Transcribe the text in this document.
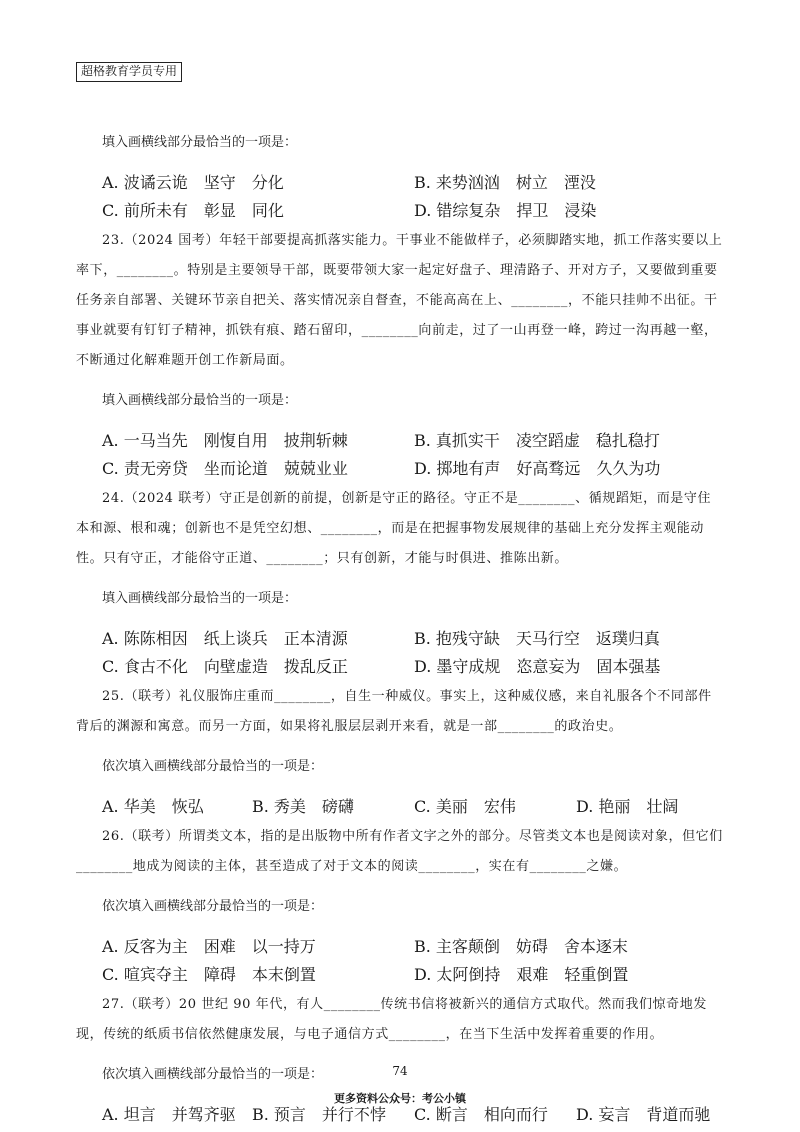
超格教育学员专用

填入画横线部分最恰当的一项是：

A. 波谲云诡　坚守　分化	B. 来势汹汹　树立　湮没
C. 前所未有　彰显　同化	D. 错综复杂　捍卫　浸染

23.（2024 国考）年轻干部要提高抓落实能力。干事业不能做样子，必须脚踏实地，抓工作落实要以上率下，________。特别是主要领导干部，既要带领大家一起定好盘子、理清路子、开对方子，又要做到重要任务亲自部署、关键环节亲自把关、落实情况亲自督查，不能高高在上、________，不能只挂帅不出征。干事业就要有钉钉子精神，抓铁有痕、踏石留印，________向前走，过了一山再登一峰，跨过一沟再越一壑，不断通过化解难题开创工作新局面。

填入画横线部分最恰当的一项是：

A. 一马当先　刚愎自用　披荆斩棘	B. 真抓实干　凌空蹈虚　稳扎稳打
C. 责无旁贷　坐而论道　兢兢业业	D. 掷地有声　好高骛远　久久为功

24.（2024 联考）守正是创新的前提，创新是守正的路径。守正不是________、循规蹈矩，而是守住本和源、根和魂；创新也不是凭空幻想、________，而是在把握事物发展规律的基础上充分发挥主观能动性。只有守正，才能俗守正道、________；只有创新，才能与时俱进、推陈出新。

填入画横线部分最恰当的一项是：

A. 陈陈相因　纸上谈兵　正本清源	B. 抱残守缺　天马行空　返璞归真
C. 食古不化　向壁虚造　拨乱反正	D. 墨守成规　恣意妄为　固本强基

25.（联考）礼仪服饰庄重而________，自生一种威仪。事实上，这种威仪感，来自礼服各个不同部件背后的渊源和寓意。而另一方面，如果将礼服层层剥开来看，就是一部________的政治史。

依次填入画横线部分最恰当的一项是：

A. 华美　恢弘	B. 秀美　磅礴	C. 美丽　宏伟	D. 艳丽　壮阔

26.（联考）所谓类文本，指的是出版物中所有作者文字之外的部分。尽管类文本也是阅读对象，但它们________地成为阅读的主体，甚至造成了对于文本的阅读________，实在有________之嫌。

依次填入画横线部分最恰当的一项是：

A. 反客为主　困难　以一持万	B. 主客颠倒　妨碍　舍本逐末
C. 喧宾夺主　障碍　本末倒置	D. 太阿倒持　艰难　轻重倒置

27.（联考）20 世纪 90 年代，有人________传统书信将被新兴的通信方式取代。然而我们惊奇地发现，传统的纸质书信依然健康发展，与电子通信方式________，在当下生活中发挥着重要的作用。

依次填入画横线部分最恰当的一项是：

A. 坦言　并驾齐驱	B. 预言　并行不悖	C. 断言　相向而行	D. 妄言　背道而驰
74
更多资料公众号：考公小镇
